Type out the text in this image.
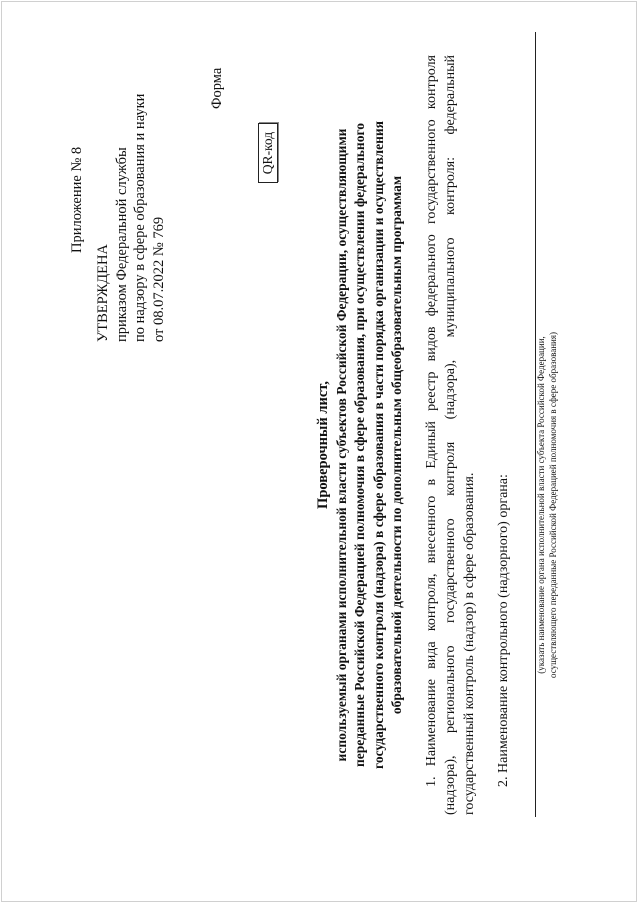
Приложение № 8
Форма
УТВЕРЖДЕНА приказом Федеральной службы по надзору в сфере образования и науки от 08.07.2022 № 769
QR-код
Проверочный лист, используемый органами исполнительной власти субъектов Российской Федерации, осуществляющими переданные Российской Федерацией полномочия в сфере образования, при осуществлении федерального государственного контроля (надзора) в сфере образования в части порядка организации и осуществления образовательной деятельности по дополнительным общеобразовательным программам 1. Наименование вида контроля, внесенного в Единый реестр видов федерального государственного контроля (надзора), регионального государственного контроля (надзора), муниципального контроля: федеральный государственный контроль (надзор) в сфере образования. 2. Наименование контрольного (надзорного) органа:	(указать наименование органа исполнительной власти субъекта Российской Федерации, осуществляющего переданные Российской Федерацией полномочия в сфере образования)
